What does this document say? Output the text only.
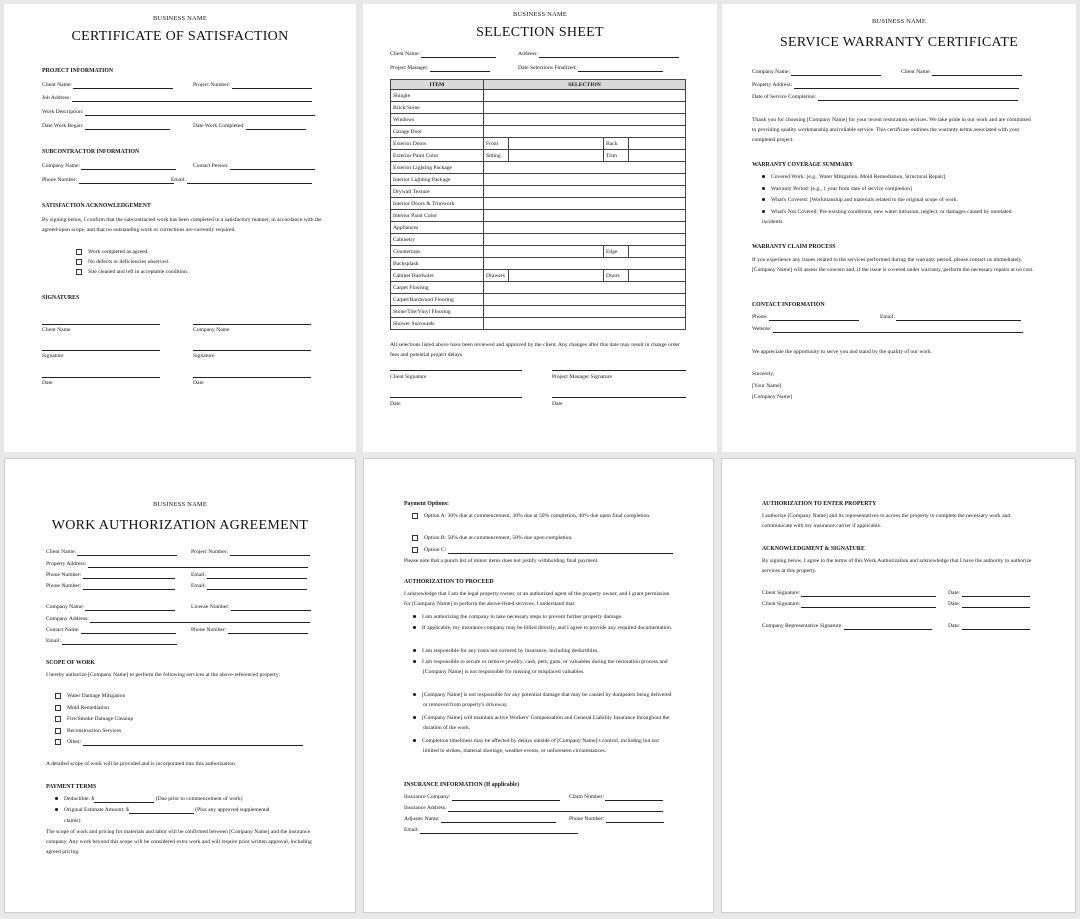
BUSINESS NAME
CERTIFICATE OF SATISFACTION
PROJECT INFORMATION
Client Name:	Project Number:
Job Address:
Work Description:
Date Work Began:	Date Work Completed:
SUBCONTRACTOR INFORMATION
Company Name:	Contact Person:
Phone Number:	Email:
SATISFACTION ACKNOWLEDGEMENT
By signing below, I confirm that the subcontracted work has been completed in a satisfactory manner, in accordance with the agreed-upon scope, and that no outstanding work or corrections are currently required.
Work completed as agreed.
No defects or deficiencies observed.
Site cleaned and left in acceptable condition.
SIGNATURES
Client Name	Company Name
Signature	Signature
Date	Date
BUSINESS NAME
SELECTION SHEET
Client Name:	Address:
Project Manager:	Date Selections Finalized:
ITEM	SELECTION			
Shingle				
Brick/Stone				
Windows				
Garage Door				
Exterior Doors	Front		Back	
Exterior Paint Color	Siding		Trim	
Exterior Lighting Package				
Interior Lighting Package				
Drywall Texture				
Interior Doors & Trimwork				
Interior Paint Color				
Appliances				
Cabinetry				
Countertops			Edge	
Backsplash				
Cabinet Hardware	Drawers		Doors	
Carpet Flooring				
Carpet/Hardwood Flooring				
Stone/Tile/Vinyl Flooring				
Shower Surrounds				
All selections listed above have been reviewed and approved by the client. Any changes after this date may result in change order fees and potential project delays.
Client Signature	Project Manager Signature
Date	Date
BUSINESS NAME
SERVICE WARRANTY CERTIFICATE
Company Name:	Client Name:
Property Address:
Date of Service Completion:
Thank you for choosing [Company Name] for your recent restoration services. We take pride in our work and are committed to providing quality workmanship and reliable service. This certificate outlines the warranty terms associated with your completed project.
WARRANTY COVERAGE SUMMARY
Covered Work: [e.g., Water Mitigation, Mold Remediation, Structural Repair]
Warranty Period: [e.g., 1 year from date of service completion]
What's Covered: [Workmanship and materials related to the original scope of work.
What's Not Covered: Pre-existing conditions, new water intrusion, neglect, or damages caused by unrelated incidents.
WARRANTY CLAIM PROCESS
If you experience any issues related to the services performed during the warranty period, please contact us immediately. [Company Name] will assess the concern and, if the issue is covered under warranty, perform the necessary repairs at no cost.
CONTACT INFORMATION
Phone:	Email:
Website:
We appreciate the opportunity to serve you and stand by the quality of our work.
Sincerely,
[Your Name]
[Company Name]
BUSINESS NAME
WORK AUTHORIZATION AGREEMENT
Client Name:	Project Number:
Property Address:
Phone Number:	Email:
Phone Number:	Email:
Company Name:	License Number:
Company Address:
Contact Name:	Phone Number:
Email:
SCOPE OF WORK
I hereby authorize [Company Name] to perform the following services at the above-referenced property:
Water Damage Mitigation
Mold Remediation
Fire/Smoke Damage Cleanup
Reconstruction Services
Other:
A detailed scope of work will be provided and is incorporated into this authorization.
PAYMENT TERMS
Deductible: $	(Due prior to commencement of work)
Original Estimate Amount: $	(Plus any approved supplemental
claims)
The scope of work and pricing for materials and labor will be confirmed between [Company Name] and the insurance company. Any work beyond this scope will be considered extra work and will require prior written approval, including agreed pricing.
Payment Options:
Option A: 30% due at commencement, 30% due at 50% completion, 40% due upon final completion.
Option B: 50% due at commencement, 50% due upon completion.
Option C:
Please note that a punch list of minor items does not justify withholding final payment.
AUTHORIZATION TO PROCEED
I acknowledge that I am the legal property owner, or an authorized agent of the property owner, and I grant permission for [Company Name] to perform the above-listed services. I understand that:
I am authorizing the company to take necessary steps to prevent further property damage.
If applicable, my insurance company may be billed directly, and I agree to provide any required documentation.
I am responsible for any costs not covered by insurance, including deductibles.
I am responsible to secure or remove jewelry, cash, pets, guns, or valuables during the restoration process and [Company Name] is not responsible for missing or misplaced valuables.
[Company Name] is not responsible for any potential damage that may be caused by dumpsters being delivered or removed from property's driveway.
[Company Name] will maintain active Workers' Compensation and General Liability Insurance throughout the duration of the work.
Completion timeliness may be affected by delays outside of [Company Name]'s control, including but not limited to strikes, material shortage, weather events, or unforeseen circumstances.
INSURANCE INFORMATION (If applicable)
Insurance Company:	Claim Number:
Insurance Address:
Adjuster Name:	Phone Number:
Email:
AUTHORIZATION TO ENTER PROPERTY
I authorize [Company Name] and its representatives to access the property to complete the necessary work and communicate with my insurance carrier if applicable.
ACKNOWLEDGMENT & SIGNATURE
By signing below, I agree to the terms of this Work Authorization and acknowledge that I have the authority to authorize services at this property.
Client Signature:	Date:
Client Signature:	Date:
Company Representative Signature:	Date:
